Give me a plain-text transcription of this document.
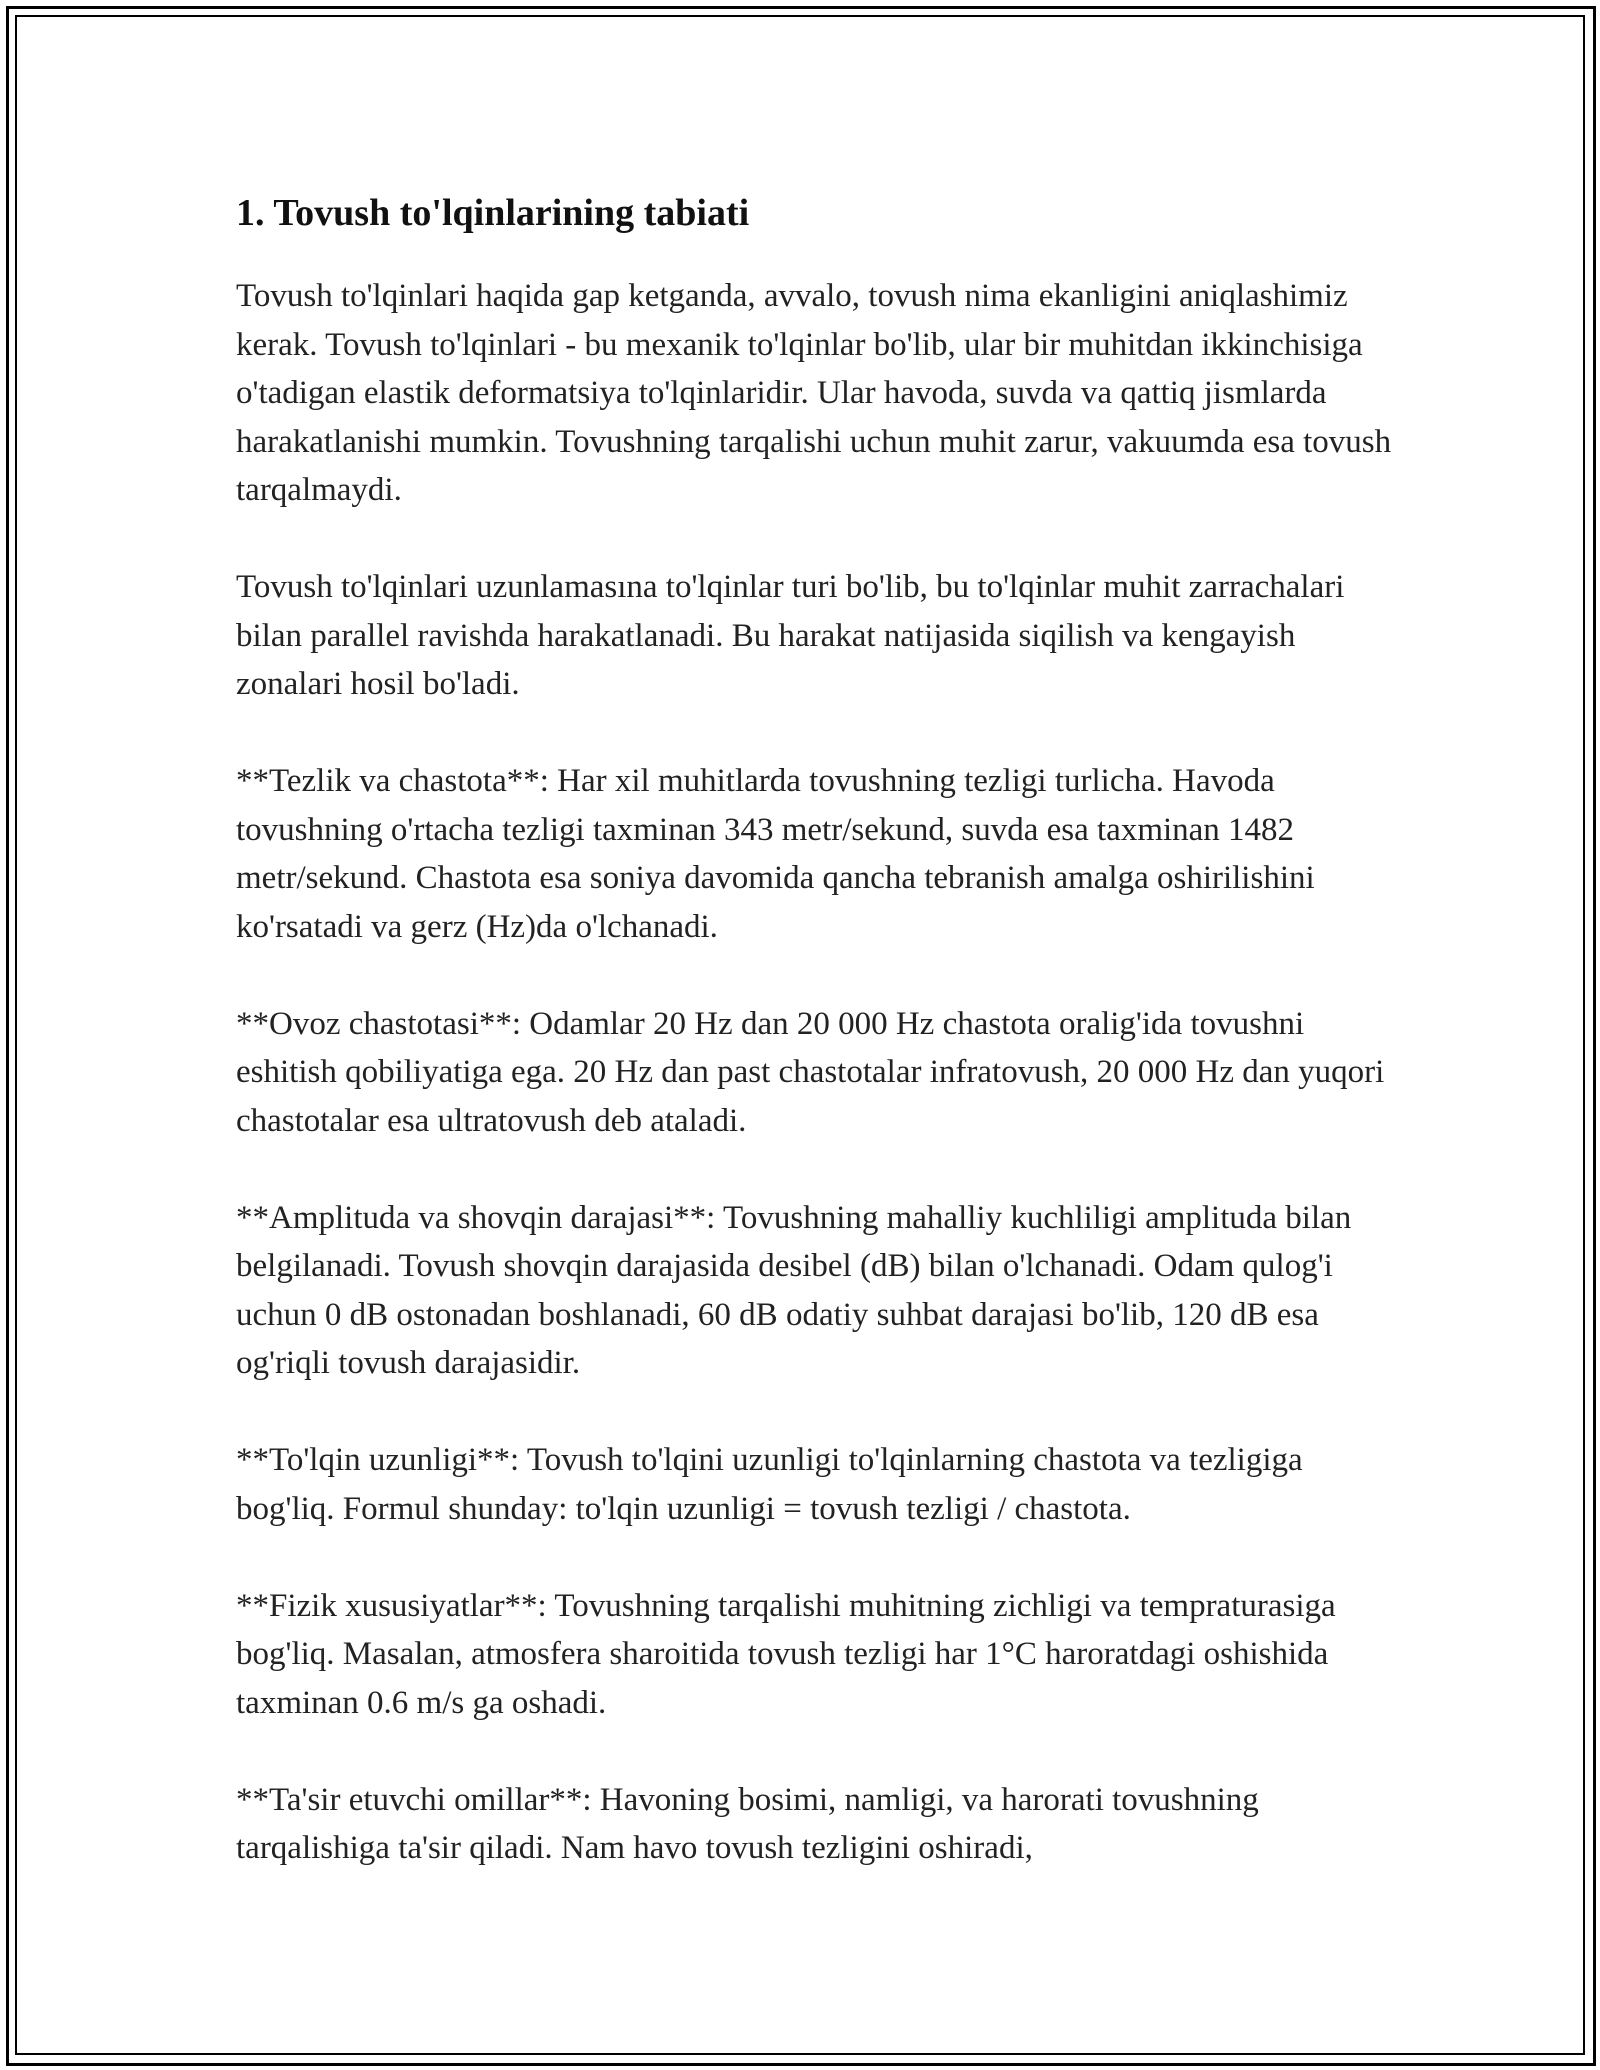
1. Tovush to'lqinlarining tabiati

Tovush to'lqinlari haqida gap ketganda, avvalo, tovush nima ekanligini aniqlashimiz kerak. Tovush to'lqinlari - bu mexanik to'lqinlar bo'lib, ular bir muhitdan ikkinchisiga o'tadigan elastik deformatsiya to'lqinlaridir. Ular havoda, suvda va qattiq jismlarda harakatlanishi mumkin. Tovushning tarqalishi uchun muhit zarur, vakuumda esa tovush tarqalmaydi.

Tovush to'lqinlari uzunlamasına to'lqinlar turi bo'lib, bu to'lqinlar muhit zarrachalari bilan parallel ravishda harakatlanadi. Bu harakat natijasida siqilish va kengayish zonalari hosil bo'ladi.

**Tezlik va chastota**: Har xil muhitlarda tovushning tezligi turlicha. Havoda tovushning o'rtacha tezligi taxminan 343 metr/sekund, suvda esa taxminan 1482 metr/sekund. Chastota esa soniya davomida qancha tebranish amalga oshirilishini ko'rsatadi va gerz (Hz)da o'lchanadi.

**Ovoz chastotasi**: Odamlar 20 Hz dan 20 000 Hz chastota oralig'ida tovushni eshitish qobiliyatiga ega. 20 Hz dan past chastotalar infratovush, 20 000 Hz dan yuqori chastotalar esa ultratovush deb ataladi.

**Amplituda va shovqin darajasi**: Tovushning mahalliy kuchliligi amplituda bilan belgilanadi. Tovush shovqin darajasida desibel (dB) bilan o'lchanadi. Odam qulog'i uchun 0 dB ostonadan boshlanadi, 60 dB odatiy suhbat darajasi bo'lib, 120 dB esa og'riqli tovush darajasidir.

**To'lqin uzunligi**: Tovush to'lqini uzunligi to'lqinlarning chastota va tezligiga bog'liq. Formul shunday: to'lqin uzunligi = tovush tezligi / chastota.

**Fizik xususiyatlar**: Tovushning tarqalishi muhitning zichligi va tempraturasiga bog'liq. Masalan, atmosfera sharoitida tovush tezligi har 1°C haroratdagi oshishida taxminan 0.6 m/s ga oshadi.

**Ta'sir etuvchi omillar**: Havoning bosimi, namligi, va harorati tovushning tarqalishiga ta'sir qiladi. Nam havo tovush tezligini oshiradi,
